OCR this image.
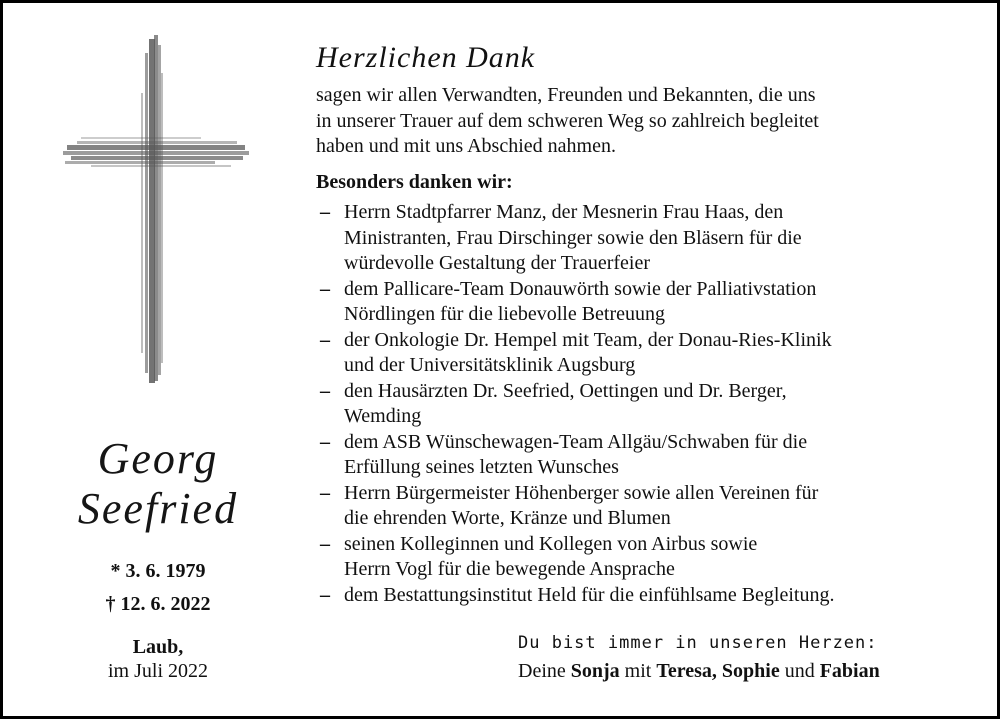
Georg
Seefried
* 3. 6. 1979
† 12. 6. 2022
Laub,
im Juli 2022
Herzlichen Dank
sagen wir allen Verwandten, Freunden und Bekannten, die uns
in unserer Trauer auf dem schweren Weg so zahlreich begleitet
haben und mit uns Abschied nahmen.
Besonders danken wir:
– Herrn Stadtpfarrer Manz, der Mesnerin Frau Haas, den
Ministranten, Frau Dirschinger sowie den Bläsern für die
würdevolle Gestaltung der Trauerfeier
– dem Pallicare-Team Donauwörth sowie der Palliativstation
Nördlingen für die liebevolle Betreuung
– der Onkologie Dr. Hempel mit Team, der Donau-Ries-Klinik
und der Universitätsklinik Augsburg
– den Hausärzten Dr. Seefried, Oettingen und Dr. Berger,
Wemding
– dem ASB Wünschewagen-Team Allgäu/Schwaben für die
Erfüllung seines letzten Wunsches
– Herrn Bürgermeister Höhenberger sowie allen Vereinen für
die ehrenden Worte, Kränze und Blumen
– seinen Kolleginnen und Kollegen von Airbus sowie
Herrn Vogl für die bewegende Ansprache
– dem Bestattungsinstitut Held für die einfühlsame Begleitung.
Du bist immer in unseren Herzen:
Deine Sonja mit Teresa, Sophie und Fabian
